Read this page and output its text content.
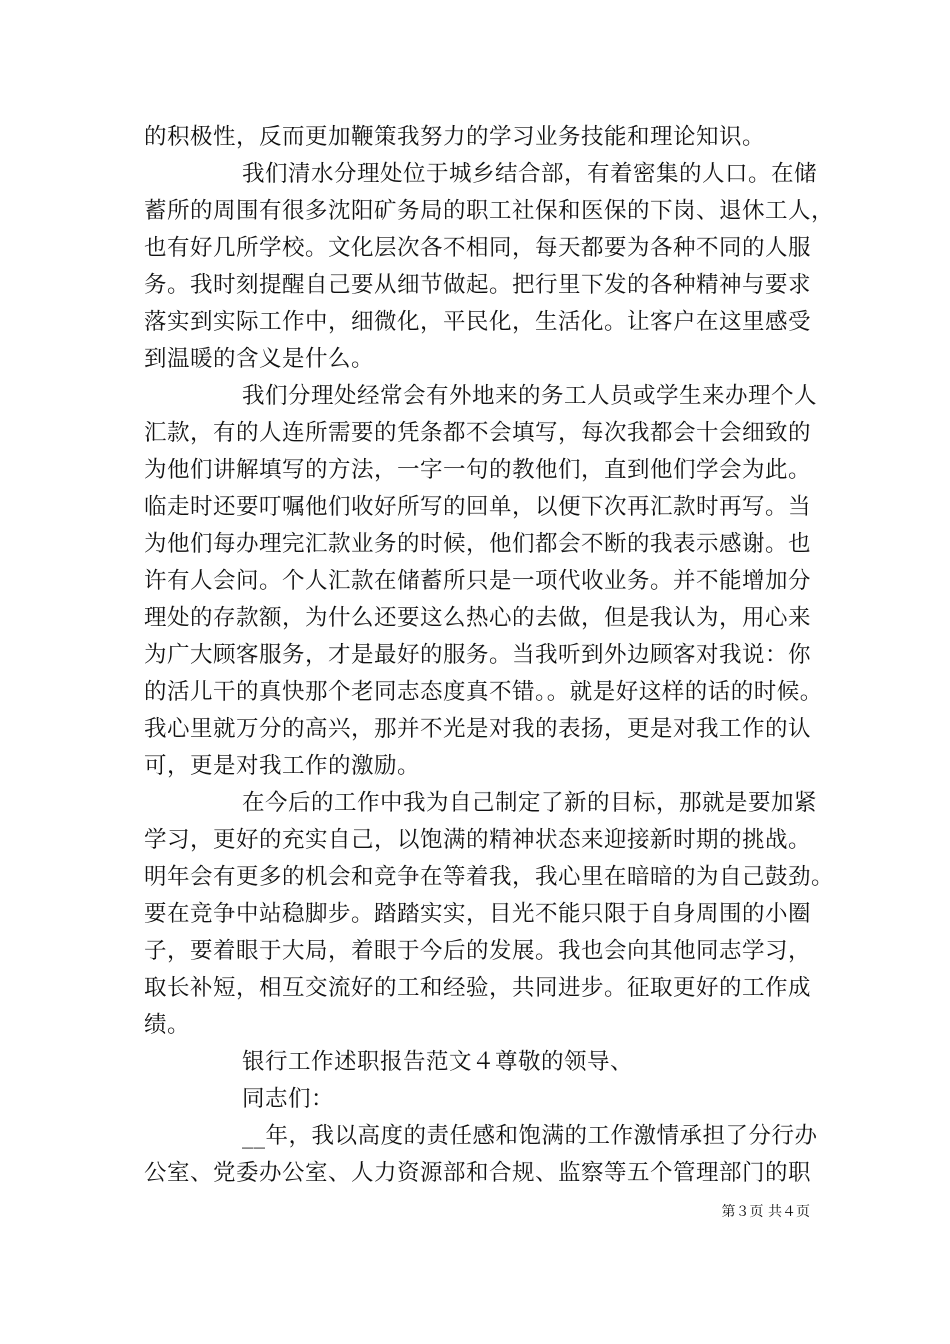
的积极性，反而更加鞭策我努力的学习业务技能和理论知识。
我们清水分理处位于城乡结合部，有着密集的人口。在储
蓄所的周围有很多沈阳矿务局的职工社保和医保的下岗、退休工人，
也有好几所学校。文化层次各不相同，每天都要为各种不同的人服
务。我时刻提醒自己要从细节做起。把行里下发的各种精神与要求
落实到实际工作中，细微化，平民化，生活化。让客户在这里感受
到温暖的含义是什么。
我们分理处经常会有外地来的务工人员或学生来办理个人
汇款，有的人连所需要的凭条都不会填写，每次我都会十会细致的
为他们讲解填写的方法，一字一句的教他们，直到他们学会为此。
临走时还要叮嘱他们收好所写的回单，以便下次再汇款时再写。当
为他们每办理完汇款业务的时候，他们都会不断的我表示感谢。也
许有人会问。个人汇款在储蓄所只是一项代收业务。并不能增加分
理处的存款额，为什么还要这么热心的去做，但是我认为，用心来
为广大顾客服务，才是最好的服务。当我听到外边顾客对我说：你
的活儿干的真快那个老同志态度真不错。。就是好这样的话的时候。
我心里就万分的高兴，那并不光是对我的表扬，更是对我工作的认
可，更是对我工作的激励。
在今后的工作中我为自己制定了新的目标，那就是要加紧
学习，更好的充实自己，以饱满的精神状态来迎接新时期的挑战。
明年会有更多的机会和竞争在等着我，我心里在暗暗的为自己鼓劲。
要在竞争中站稳脚步。踏踏实实，目光不能只限于自身周围的小圈
子，要着眼于大局，着眼于今后的发展。我也会向其他同志学习，
取长补短，相互交流好的工和经验，共同进步。征取更好的工作成
绩。
银行工作述职报告范文４尊敬的领导、
同志们：
__年，我以高度的责任感和饱满的工作激情承担了分行办
公室、党委办公室、人力资源部和合规、监察等五个管理部门的职
第３页 共４页
